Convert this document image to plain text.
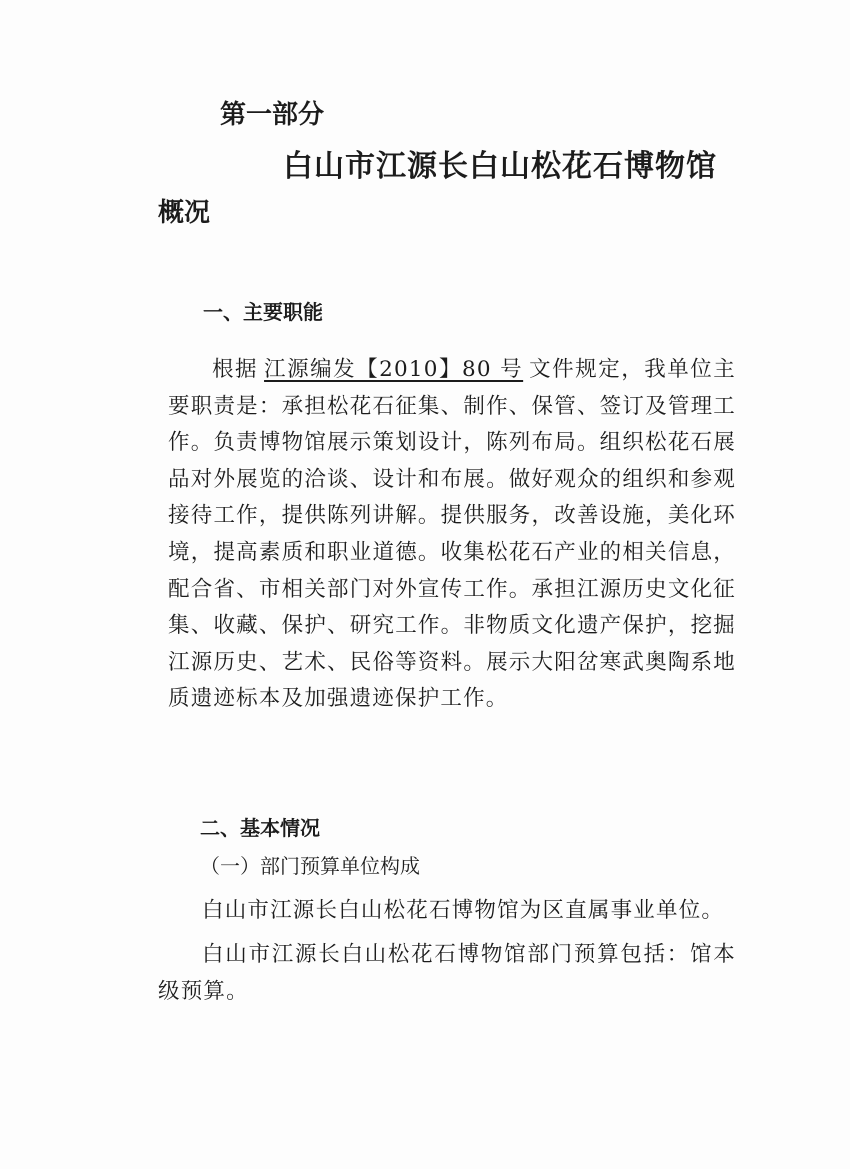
第一部分
白山市江源长白山松花石博物馆
概况
一、主要职能
根据 江源编发【2010】80 号 文件规定，我单位主要职责是：承担松花石征集、制作、保管、签订及管理工作。负责博物馆展示策划设计，陈列布局。组织松花石展品对外展览的洽谈、设计和布展。做好观众的组织和参观接待工作，提供陈列讲解。提供服务，改善设施，美化环境，提高素质和职业道德。收集松花石产业的相关信息，配合省、市相关部门对外宣传工作。承担江源历史文化征集、收藏、保护、研究工作。非物质文化遗产保护，挖掘江源历史、艺术、民俗等资料。展示大阳岔寒武奥陶系地质遗迹标本及加强遗迹保护工作。
二、基本情况
（一）部门预算单位构成
白山市江源长白山松花石博物馆为区直属事业单位。
白山市江源长白山松花石博物馆部门预算包括：馆本级预算。
